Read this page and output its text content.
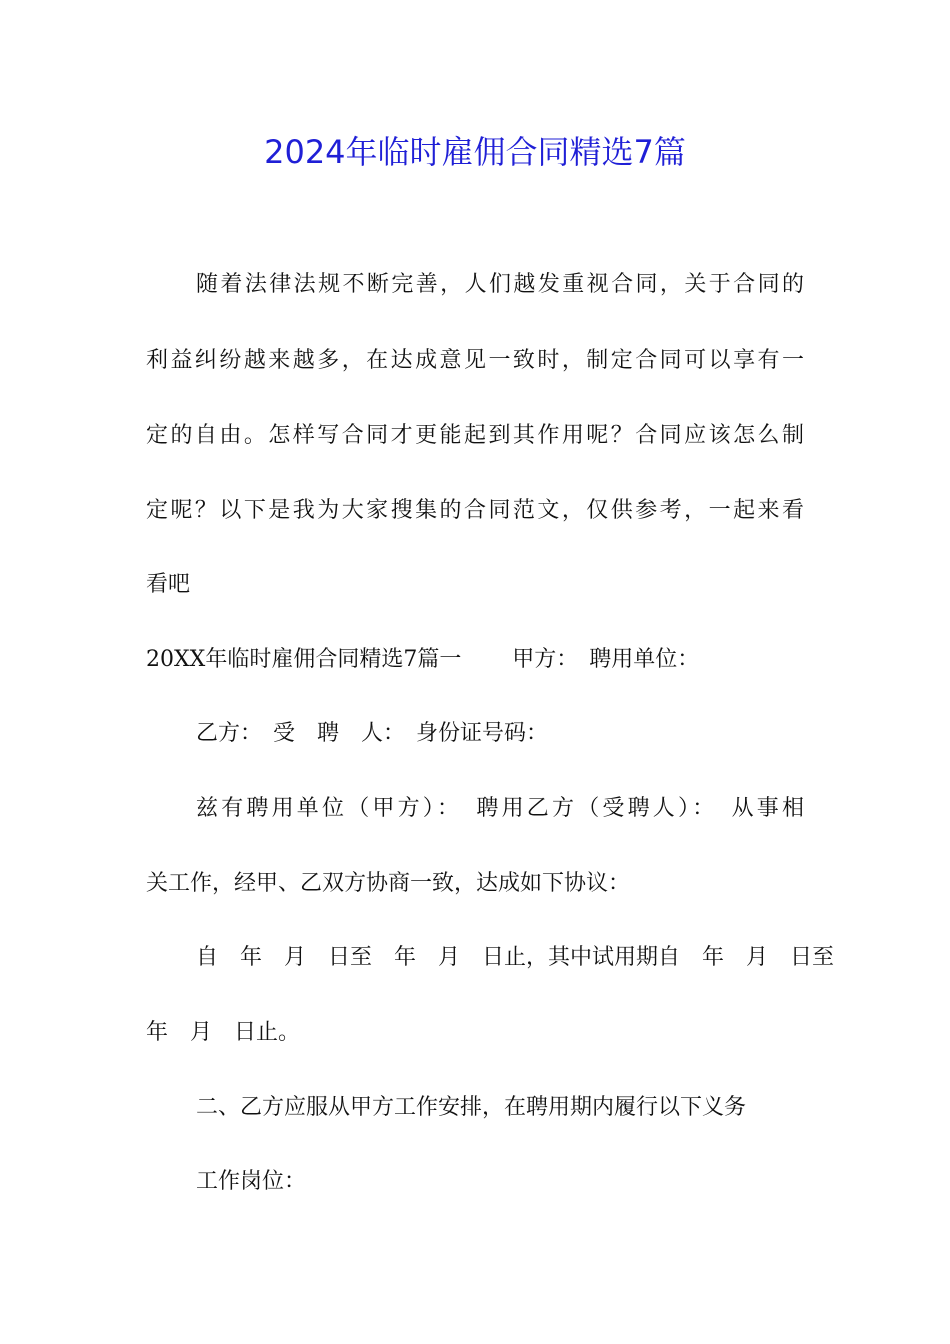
2024年临时雇佣合同精选7篇
随着法律法规不断完善，人们越发重视合同，关于合同的
利益纠纷越来越多，在达成意见一致时，制定合同可以享有一
定的自由。怎样写合同才更能起到其作用呢？合同应该怎么制
定呢？以下是我为大家搜集的合同范文，仅供参考，一起来看
看吧
20XX年临时雇佣合同精选7篇一　　 甲方：　聘用单位：
乙方：　受　聘　人：　身份证号码：
兹有聘用单位（甲方）：　聘用乙方（受聘人）：　从事相
关工作，经甲、乙双方协商一致，达成如下协议：
自　年　月　日至　年　月　日止，其中试用期自　年　月　日至
年　月　日止。
二、乙方应服从甲方工作安排，在聘用期内履行以下义务
工作岗位：
